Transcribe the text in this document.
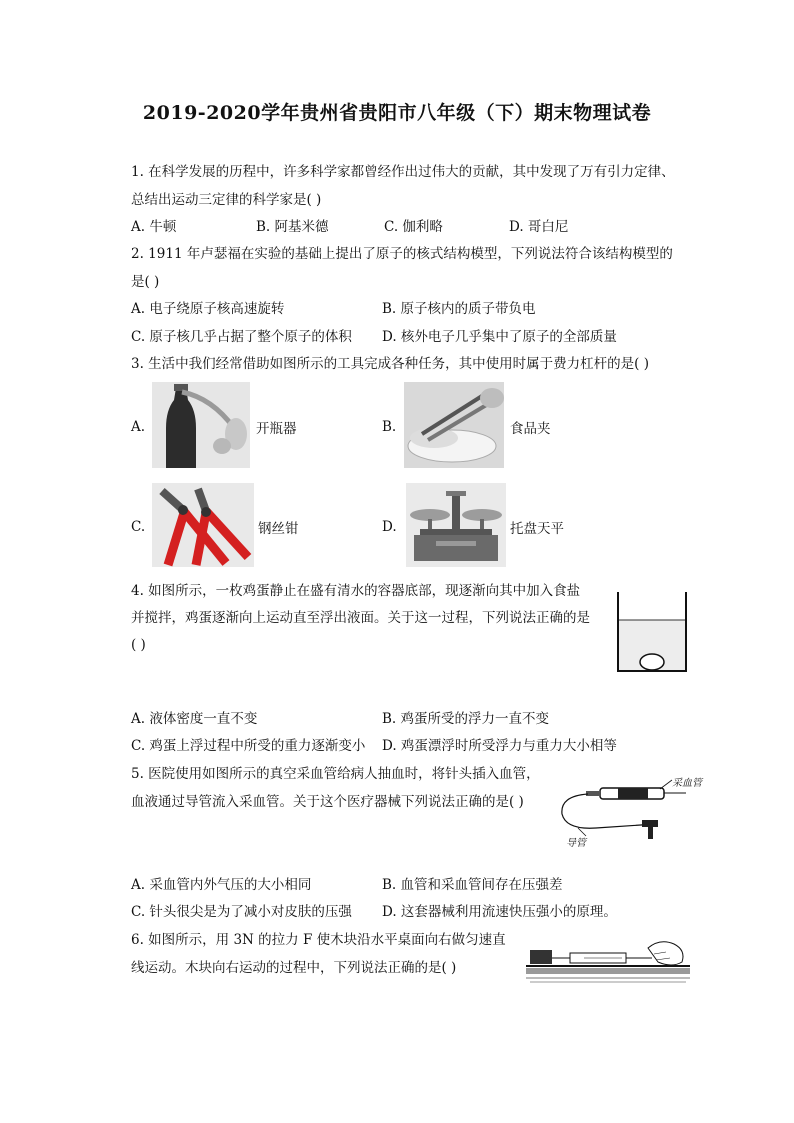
2019-2020学年贵州省贵阳市八年级（下）期末物理试卷
1. 在科学发展的历程中，许多科学家都曾经作出过伟大的贡献，其中发现了万有引力定律、
总结出运动三定律的科学家是( )
A. 牛顿	B. 阿基米德	C. 伽利略	D. 哥白尼
2. 1911 年卢瑟福在实验的基础上提出了原子的核式结构模型，下列说法符合该结构模型的
是( )
A. 电子绕原子核高速旋转	B. 原子核内的质子带负电
C. 原子核几乎占据了整个原子的体积 D. 核外电子几乎集中了原子的全部质量
3. 生活中我们经常借助如图所示的工具完成各种任务，其中使用时属于费力杠杆的是( )
A.	开瓶器	B.	食品夹
C.	钢丝钳	D.	托盘天平
4. 如图所示，一枚鸡蛋静止在盛有清水的容器底部，现逐渐向其中加入食盐
并搅拌，鸡蛋逐渐向上运动直至浮出液面。关于这一过程，下列说法正确的是
( )
A. 液体密度一直不变	B. 鸡蛋所受的浮力一直不变
C. 鸡蛋上浮过程中所受的重力逐渐变小 D. 鸡蛋漂浮时所受浮力与重力大小相等
5. 医院使用如图所示的真空采血管给病人抽血时，将针头插入血管，
血液通过导管流入采血管。关于这个医疗器械下列说法正确的是( )
采血管
导管
A. 采血管内外气压的大小相同	B. 血管和采血管间存在压强差
C. 针头很尖是为了减小对皮肤的压强 D. 这套器械利用流速快压强小的原理。
6. 如图所示，用 3N 的拉力 F 使木块沿水平桌面向右做匀速直
线运动。木块向右运动的过程中，下列说法正确的是( )
